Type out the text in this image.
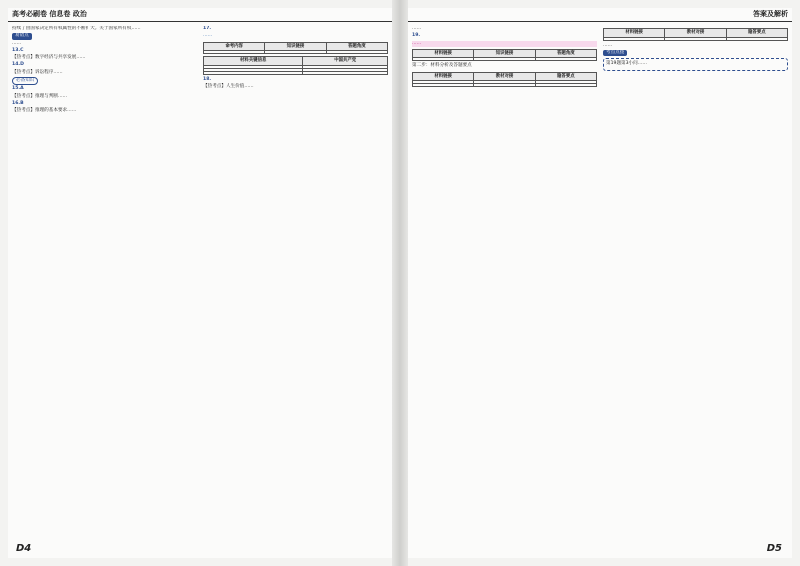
高考必刷卷 信息卷 政治

持续了由国家决定所有权属性的不断扩大。关于国家所有权……

易错点

……

13.C

【热考点】数字经济与共享发展……

14.D

【热考点】诉讼程序……

必备知识

15.A

【热考点】推理与判断……

16.B

【热考点】推理的基本要求……

17.

……

命考内容	知识链接	答题角度

材料关键信息	中国共产党

18.

【热考点】人生价值……

D4
答案及解析

……

19.

……

材料链接	知识链接	答题角度

第二步：材料分析及答题要点

材料链接	教材对接	隐答要点

材料链接	教材对接	隐答要点

……

考点点拨

第19题第3小问……

D5
